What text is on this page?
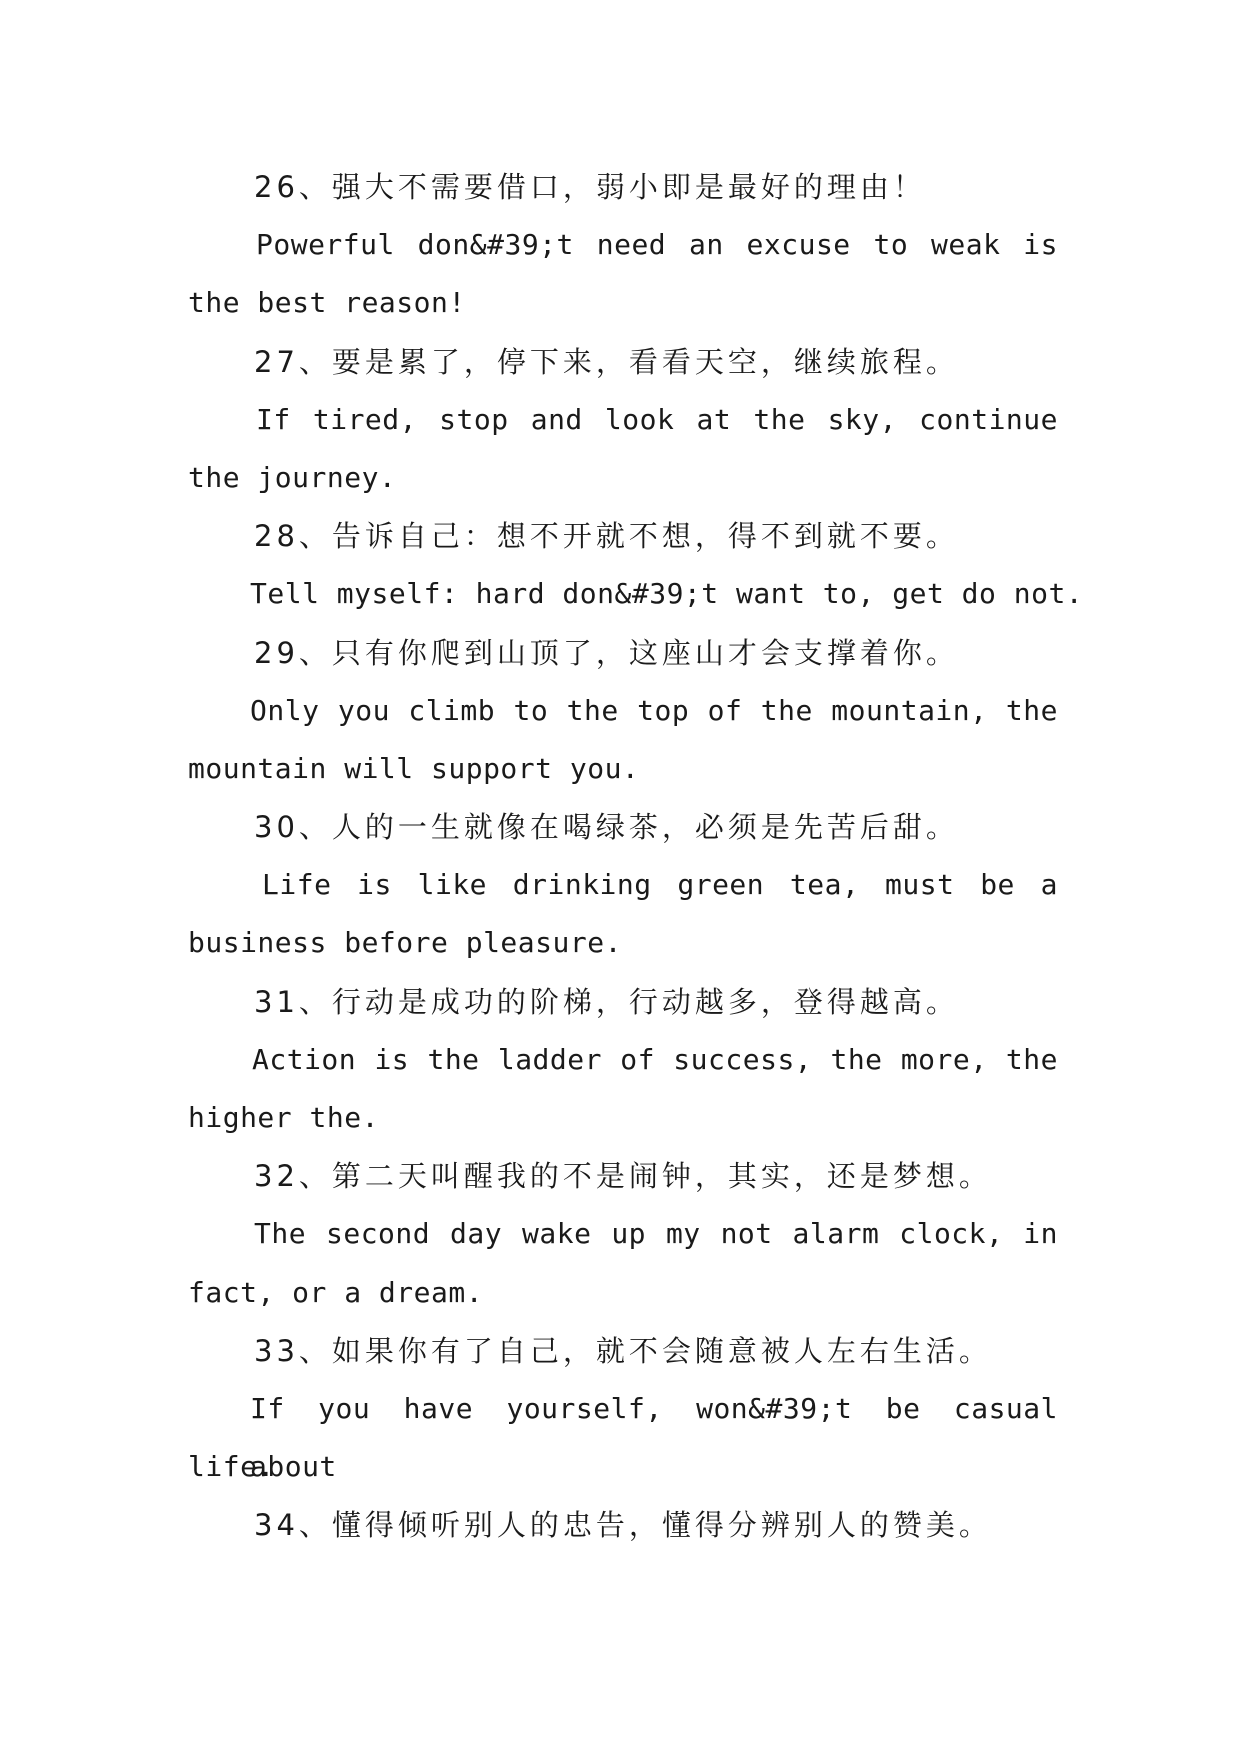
26、强大不需要借口，弱小即是最好的理由！
Powerful don&#39;t need an excuse to weak is
the best reason!
27、要是累了，停下来，看看天空，继续旅程。
If tired, stop and look at the sky, continue
the journey.
28、告诉自己：想不开就不想，得不到就不要。
Tell myself: hard don&#39;t want to, get do not.
29、只有你爬到山顶了，这座山才会支撑着你。
Only you climb to the top of the mountain, the
mountain will support you.
30、人的一生就像在喝绿茶，必须是先苦后甜。
Life is like drinking green tea, must be a
business before pleasure.
31、行动是成功的阶梯，行动越多，登得越高。
Action is the ladder of success, the more, the
higher the.
32、第二天叫醒我的不是闹钟，其实，还是梦想。
The second day wake up my not alarm clock, in
fact, or a dream.
33、如果你有了自己，就不会随意被人左右生活。
If you have yourself, won&#39;t be casual about
life.
34、懂得倾听别人的忠告，懂得分辨别人的赞美。
